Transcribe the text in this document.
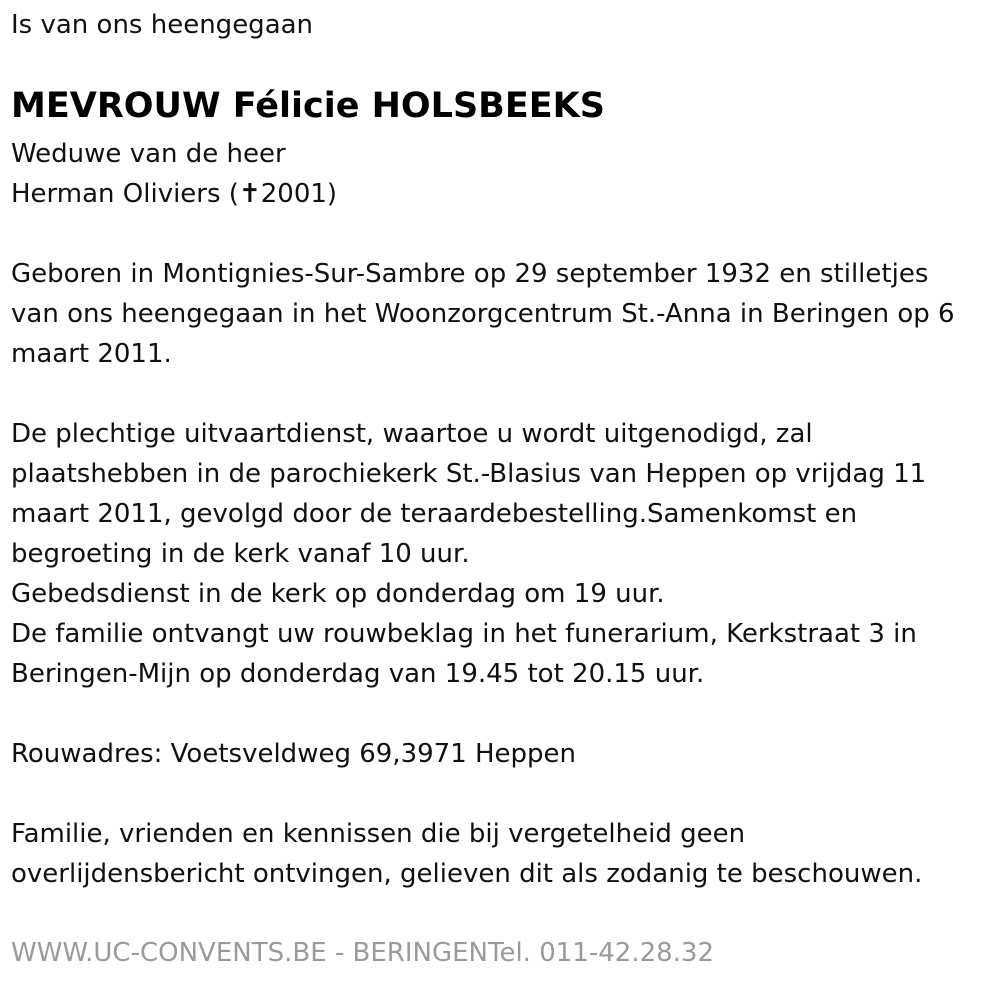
Is van ons heengegaan
MEVROUW Félicie HOLSBEEKS
Weduwe van de heer
Herman Oliviers (✝2001)
Geboren in Montignies-Sur-Sambre op 29 september 1932 en stilletjes
van ons heengegaan in het Woonzorgcentrum St.-Anna in Beringen op 6
maart 2011.
De plechtige uitvaartdienst, waartoe u wordt uitgenodigd, zal
plaatshebben in de parochiekerk St.-Blasius van Heppen op vrijdag 11
maart 2011, gevolgd door de teraardebestelling.Samenkomst en
begroeting in de kerk vanaf 10 uur.
Gebedsdienst in de kerk op donderdag om 19 uur.
De familie ontvangt uw rouwbeklag in het funerarium, Kerkstraat 3 in
Beringen-Mijn op donderdag van 19.45 tot 20.15 uur.
Rouwadres: Voetsveldweg 69,3971 Heppen
Familie, vrienden en kennissen die bij vergetelheid geen
overlijdensbericht ontvingen, gelieven dit als zodanig te beschouwen.
WWW.UC-CONVENTS.BE - BERINGENTel. 011-42.28.32
